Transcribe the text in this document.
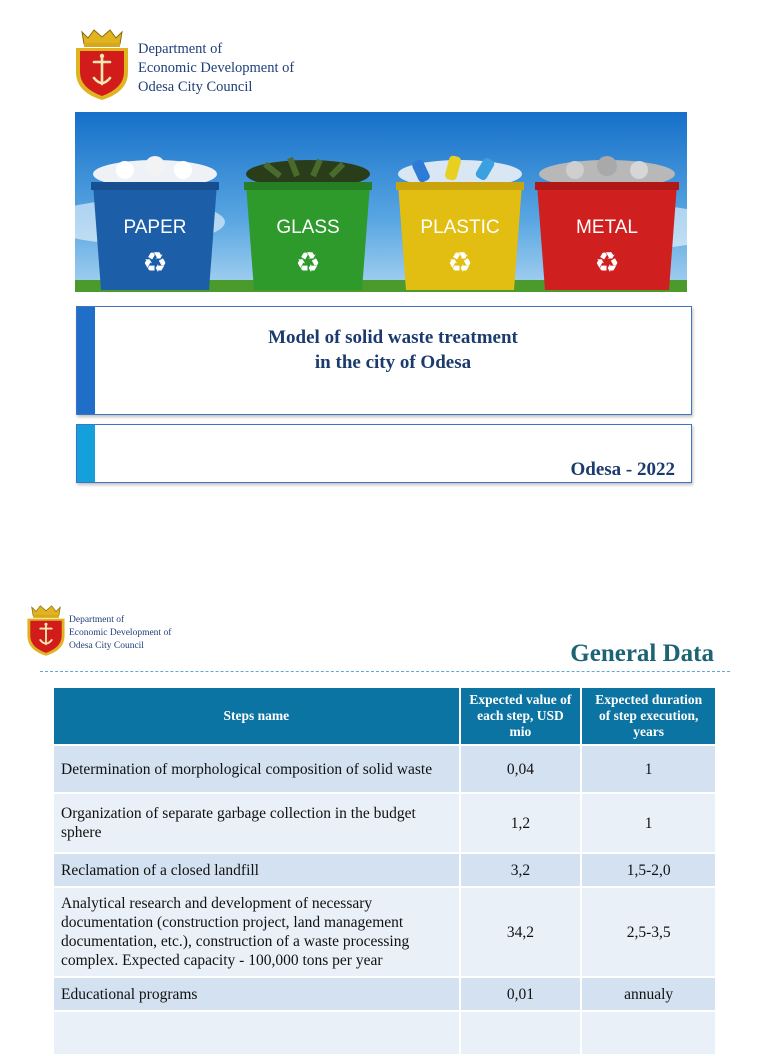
Department of
Economic Development of
Odesa City Council
PAPER
♻
GLASS
♻
PLASTIC
♻
METAL
♻
Model of solid waste treatment
in the city of Odesa
Odesa - 2022
Department of
Economic Development of
Odesa City Council	General Data
Steps name	Expected value of each step, USD mio	Expected duration of step execution, years
Determination of morphological composition of solid waste	0,04	1
Organization of separate garbage collection in the budget sphere	1,2	1
Reclamation of a closed landfill	3,2	1,5-2,0
Analytical research and development of necessary documentation (construction project, land management documentation, etc.), construction of a waste processing complex. Expected capacity - 100,000 tons per year	34,2	2,5-3,5
Educational programs	0,01	annualy
